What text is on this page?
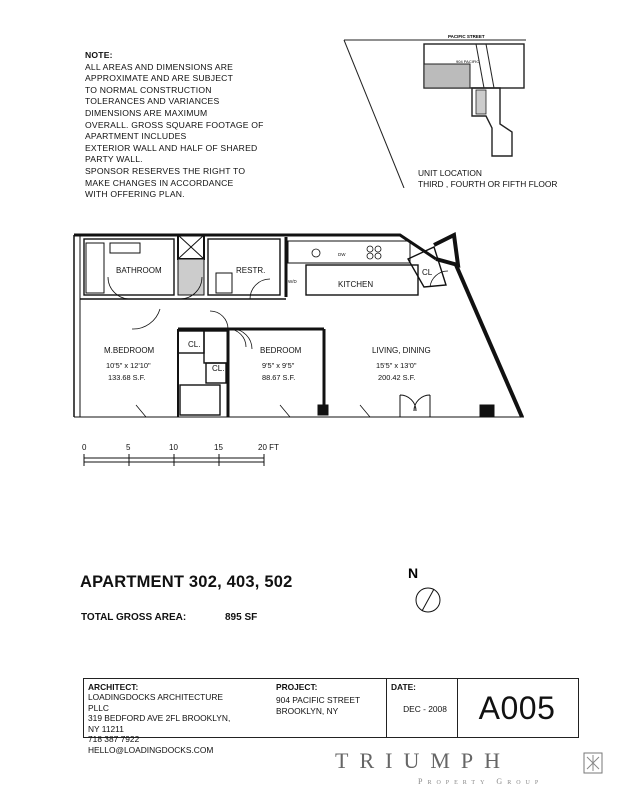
NOTE:
ALL AREAS AND DIMENSIONS ARE
APPROXIMATE AND ARE SUBJECT
TO NORMAL CONSTRUCTION
TOLERANCES AND VARIANCES
DIMENSIONS ARE MAXIMUM
OVERALL. GROSS SQUARE FOOTAGE OF
APARTMENT INCLUDES
EXTERIOR WALL AND HALF OF SHARED
PARTY WALL.
SPONSOR RESERVES THE RIGHT TO
MAKE CHANGES IN ACCORDANCE
WITH OFFERING PLAN.
PACIFIC STREET
904 PACIFIC
UNIT LOCATION
THIRD , FOURTH OR FIFTH FLOOR
BATHROOM	RESTR.
KITCHEN
CL
CL.
CL.
M.BEDROOM
10'5" x 12'10"
133.68 S.F.
BEDROOM
9'5" x 9'5"
88.67 S.F.
LIVING, DINING
15'5" x 13'0"
200.42 S.F.
DW
W/D
0	5	10	15	20 FT
APARTMENT 302, 403, 502
TOTAL GROSS AREA:	895 SF
N
ARCHITECT:
LOADINGDOCKS ARCHITECTURE PLLC
319 BEDFORD AVE 2FL BROOKLYN, NY 11211
718 387 7922 HELLO@LOADINGDOCKS.COM
PROJECT:
904 PACIFIC STREET
BROOKLYN, NY
DATE:
DEC - 2008 A005
TRIUMPH
Property Group
